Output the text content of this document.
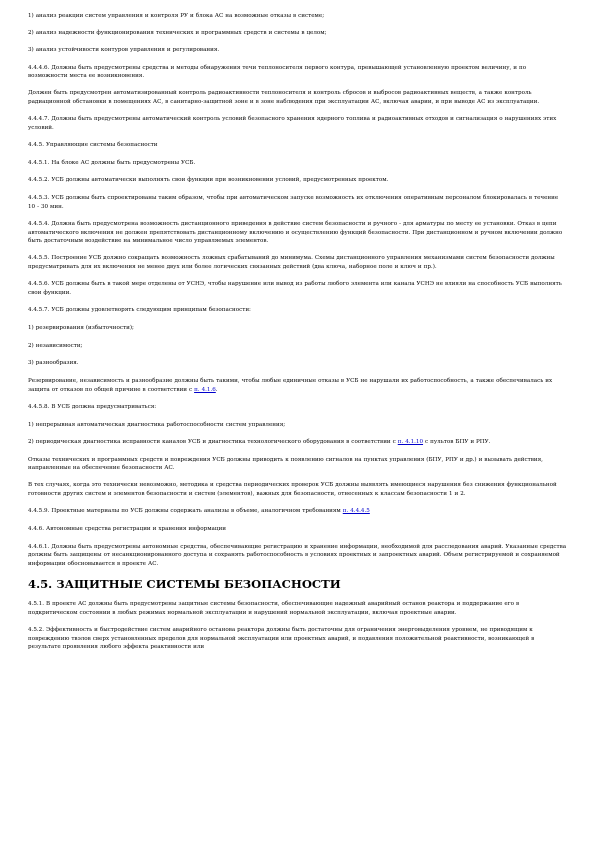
1) анализ реакции систем управления и контроля РУ и блока АС на возможные отказы в системе;

2) анализ надежности функционирования технических и программных средств и системы в целом;

3) анализ устойчивости контуров управления и регулирования.

4.4.4.6. Должны быть предусмотрены средства и методы обнаружения течи теплоносителя первого контура, превышающей установленную проектом величину, и по возможности места ее возникновения.

Должен быть предусмотрен автоматизированный контроль радиоактивности теплоносителя и контроль сбросов и выбросов радиоактивных веществ, а также контроль радиационной обстановки в помещениях АС, в санитарно-защитной зоне и в зоне наблюдения при эксплуатации АС, включая аварии, и при выводе АС из эксплуатации.

4.4.4.7. Должны быть предусмотрены автоматический контроль условий безопасного хранения ядерного топлива и радиоактивных отходов и сигнализация о нарушениях этих условий.

4.4.5. Управляющие системы безопасности

4.4.5.1. На блоке АС должны быть предусмотрены УСБ.

4.4.5.2. УСБ должны автоматически выполнять свои функции при возникновении условий, предусмотренных проектом.

4.4.5.3. УСБ должны быть спроектированы таким образом, чтобы при автоматическом запуске возможность их отключения оперативным персоналом блокировалась в течение 10 - 30 мин.

4.4.5.4. Должна быть предусмотрена возможность дистанционного приведения в действие систем безопасности и ручного - для арматуры по месту ее установки. Отказ в цепи автоматического включения не должен препятствовать дистанционному включению и осуществлению функций безопасности. При дистанционном и ручном включении должно быть достаточным воздействие на минимальное число управляемых элементов.

4.4.5.5. Построение УСБ должно сокращать возможность ложных срабатываний до минимума. Схемы дистанционного управления механизмами систем безопасности должны предусматривать для их включения не менее двух или более логических связанных действий (два ключа, наборное поле и ключ и пр.).

4.4.5.6. УСБ должны быть в такой мере отделены от УСНЭ, чтобы нарушение или вывод из работы любого элемента или канала УСНЭ не влияли на способность УСБ выполнять свои функции.

4.4.5.7. УСБ должны удовлетворять следующим принципам безопасности:

1) резервирования (избыточности);

2) независимости;

3) разнообразия.

Резервирование, независимость и разнообразие должны быть такими, чтобы любые единичные отказы в УСБ не нарушали их работоспособность, а также обеспечивалась их защита от отказов по общей причине в соответствии с п. 4.1.6.

4.4.5.8. В УСБ должна предусматриваться:

1) непрерывная автоматическая диагностика работоспособности систем управления;

2) периодическая диагностика исправности каналов УСБ и диагностика технологического оборудования в соответствии с п. 4.1.10 с пультов БПУ и РПУ.

Отказы технических и программных средств и повреждения УСБ должны приводить к появлению сигналов на пунктах управления (БПУ, РПУ и др.) и вызывать действия, направленные на обеспечение безопасности АС.

В тех случаях, когда это технически невозможно, методика и средства периодических проверок УСБ должны выявлять имеющиеся нарушения без снижения функциональной готовности других систем и элементов безопасности и систем (элементов), важных для безопасности, отнесенных к классам безопасности 1 и 2.

4.4.5.9. Проектные материалы по УСБ должны содержать анализы в объеме, аналогичном требованиям п. 4.4.4.5

4.4.6. Автономные средства регистрации и хранения информации

4.4.6.1. Должны быть предусмотрены автономные средства, обеспечивающие регистрацию и хранение информации, необходимой для расследования аварий. Указанные средства должны быть защищены от несанкционированного доступа и сохранять работоспособность в условиях проектных и запроектных аварий. Объем регистрируемой и сохраняемой информации обосновывается в проекте АС.

4.5. ЗАЩИТНЫЕ СИСТЕМЫ БЕЗОПАСНОСТИ

4.5.1. В проекте АС должны быть предусмотрены защитные системы безопасности, обеспечивающие надежный аварийный останов реактора и поддержание его в подкритическом состоянии в любых режимах нормальной эксплуатации и нарушений нормальной эксплуатации, включая проектные аварии.

4.5.2. Эффективность и быстродействие систем аварийного останова реактора должны быть достаточны для ограничения энерговыделения уровнем, не приводящим к повреждению твэлов сверх установленных пределов для нормальной эксплуатации или проектных аварий, и подавления положительной реактивности, возникающей в результате проявления любого эффекта реактивности или
